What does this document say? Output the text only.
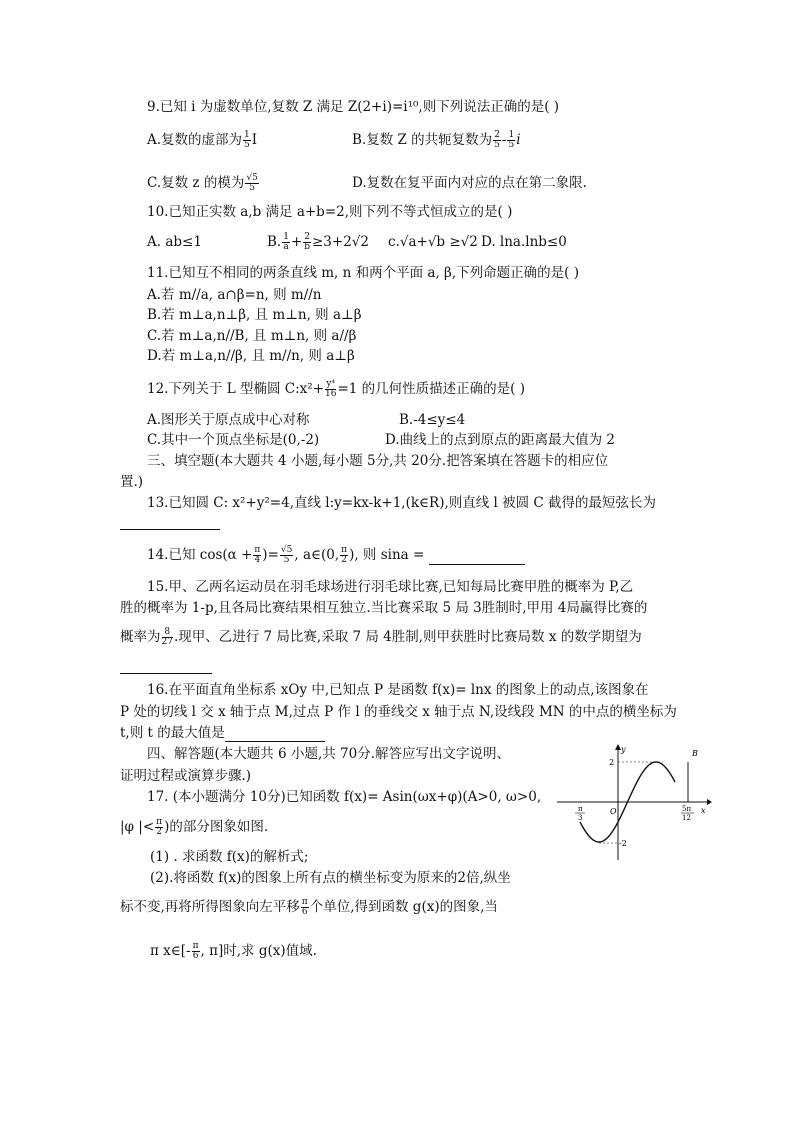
9.已知 i 为虚数单位,复数 Z 满足 Z(2+i)=i¹⁰,则下列说法正确的是( )
A.复数的虚部为 $\frac{1}{5}$ I	B.复数 Z 的共轭复数为 $\frac{2}{5} - \frac{1}{5}$ i
C.复数 z 的模为 $\frac{√5}{5}$	D.复数在复平面内对应的点在第二象限.
10.已知正实数 a,b 满足 a+b=2,则下列不等式恒成立的是( )
A. ab≤1	B. $\frac{1}{a} + \frac{2}{b} \ge 3+2√2$ c.√a+√b ≥√2 D. lna.lnb≤0
11.已知互不相同的两条直线 m, n 和两个平面 a, β,下列命题正确的是( )
A.若 m//a, a∩β=n, 则 m//n
B.若 m⊥a,n⊥β, 且 m⊥n, 则 a⊥β
C.若 m⊥a,n//B, 且 m⊥n, 则 a//β
D.若 m⊥a,n//β, 且 m//n, 则 a⊥β
12.下列关于 L 型椭圆 C:x²+ $\frac{\text{y⁴}}{16} =1$ 的几何性质描述正确的是( )
A.图形关于原点成中心对称	B.-4≤y≤4
C.其中一个顶点坐标是(0,-2)	D.曲线上的点到原点的距离最大值为 2
三、填空题(本大题共 4 小题,每小题 5分,共 20分.把答案填在答题卡的相应位
置.)
13.已知圆 C: x²+y²=4,直线 l:y=kx-k+1,(k∈R),则直线 l 被圆 C 截得的最短弦长为
14.已知 $\cos(\alpha + \frac{\pi}{4}$ )= $\frac{√5}{5}$ , a∈(0, $\frac{\pi}{2}$ ), 则 sina =
15.甲、乙两名运动员在羽毛球场进行羽毛球比赛,已知每局比赛甲胜的概率为 P,乙
胜的概率为 1-p,且各局比赛结果相互独立.当比赛采取 5 局 3胜制时,甲用 4局赢得比赛的
概率为 $\frac{8}{27}$ .现甲、乙进行 7 局比赛,采取 7 局 4胜制,则甲获胜时比赛局数 x 的数学期望为
16.在平面直角坐标系 xOy 中,已知点 P 是函数 f(x)= lnx 的图象上的动点,该图象在
P 处的切线 l 交 x 轴于点 M,过点 P 作 l 的垂线交 x 轴于点 N,设线段 MN 的中点的横坐标为
t,则 t 的最大值是
四、解答题(本大题共 6 小题,共 70分.解答应写出文字说明、
证明过程或演算步骤.)
17. (本小题满分 10分)已知函数 f(x)= Asin(ωx+φ)(A>0, ω>0,
|φ |< $\frac{\pi}{2}$ )的部分图象如图.
(1) . 求函数 f(x)的解析式;
(2).将函数 f(x)的图象上所有点的横坐标变为原来的2倍,纵坐
标不变,再将所得图象向左平移 $\frac{\pi}{6}$ 个单位,得到函数 g(x)的图象,当
π x∈[- $\frac{\pi}{6}$ , π]时,求 g(x)值域.
y
x
O
2
-2
π
3
5π
12
B
